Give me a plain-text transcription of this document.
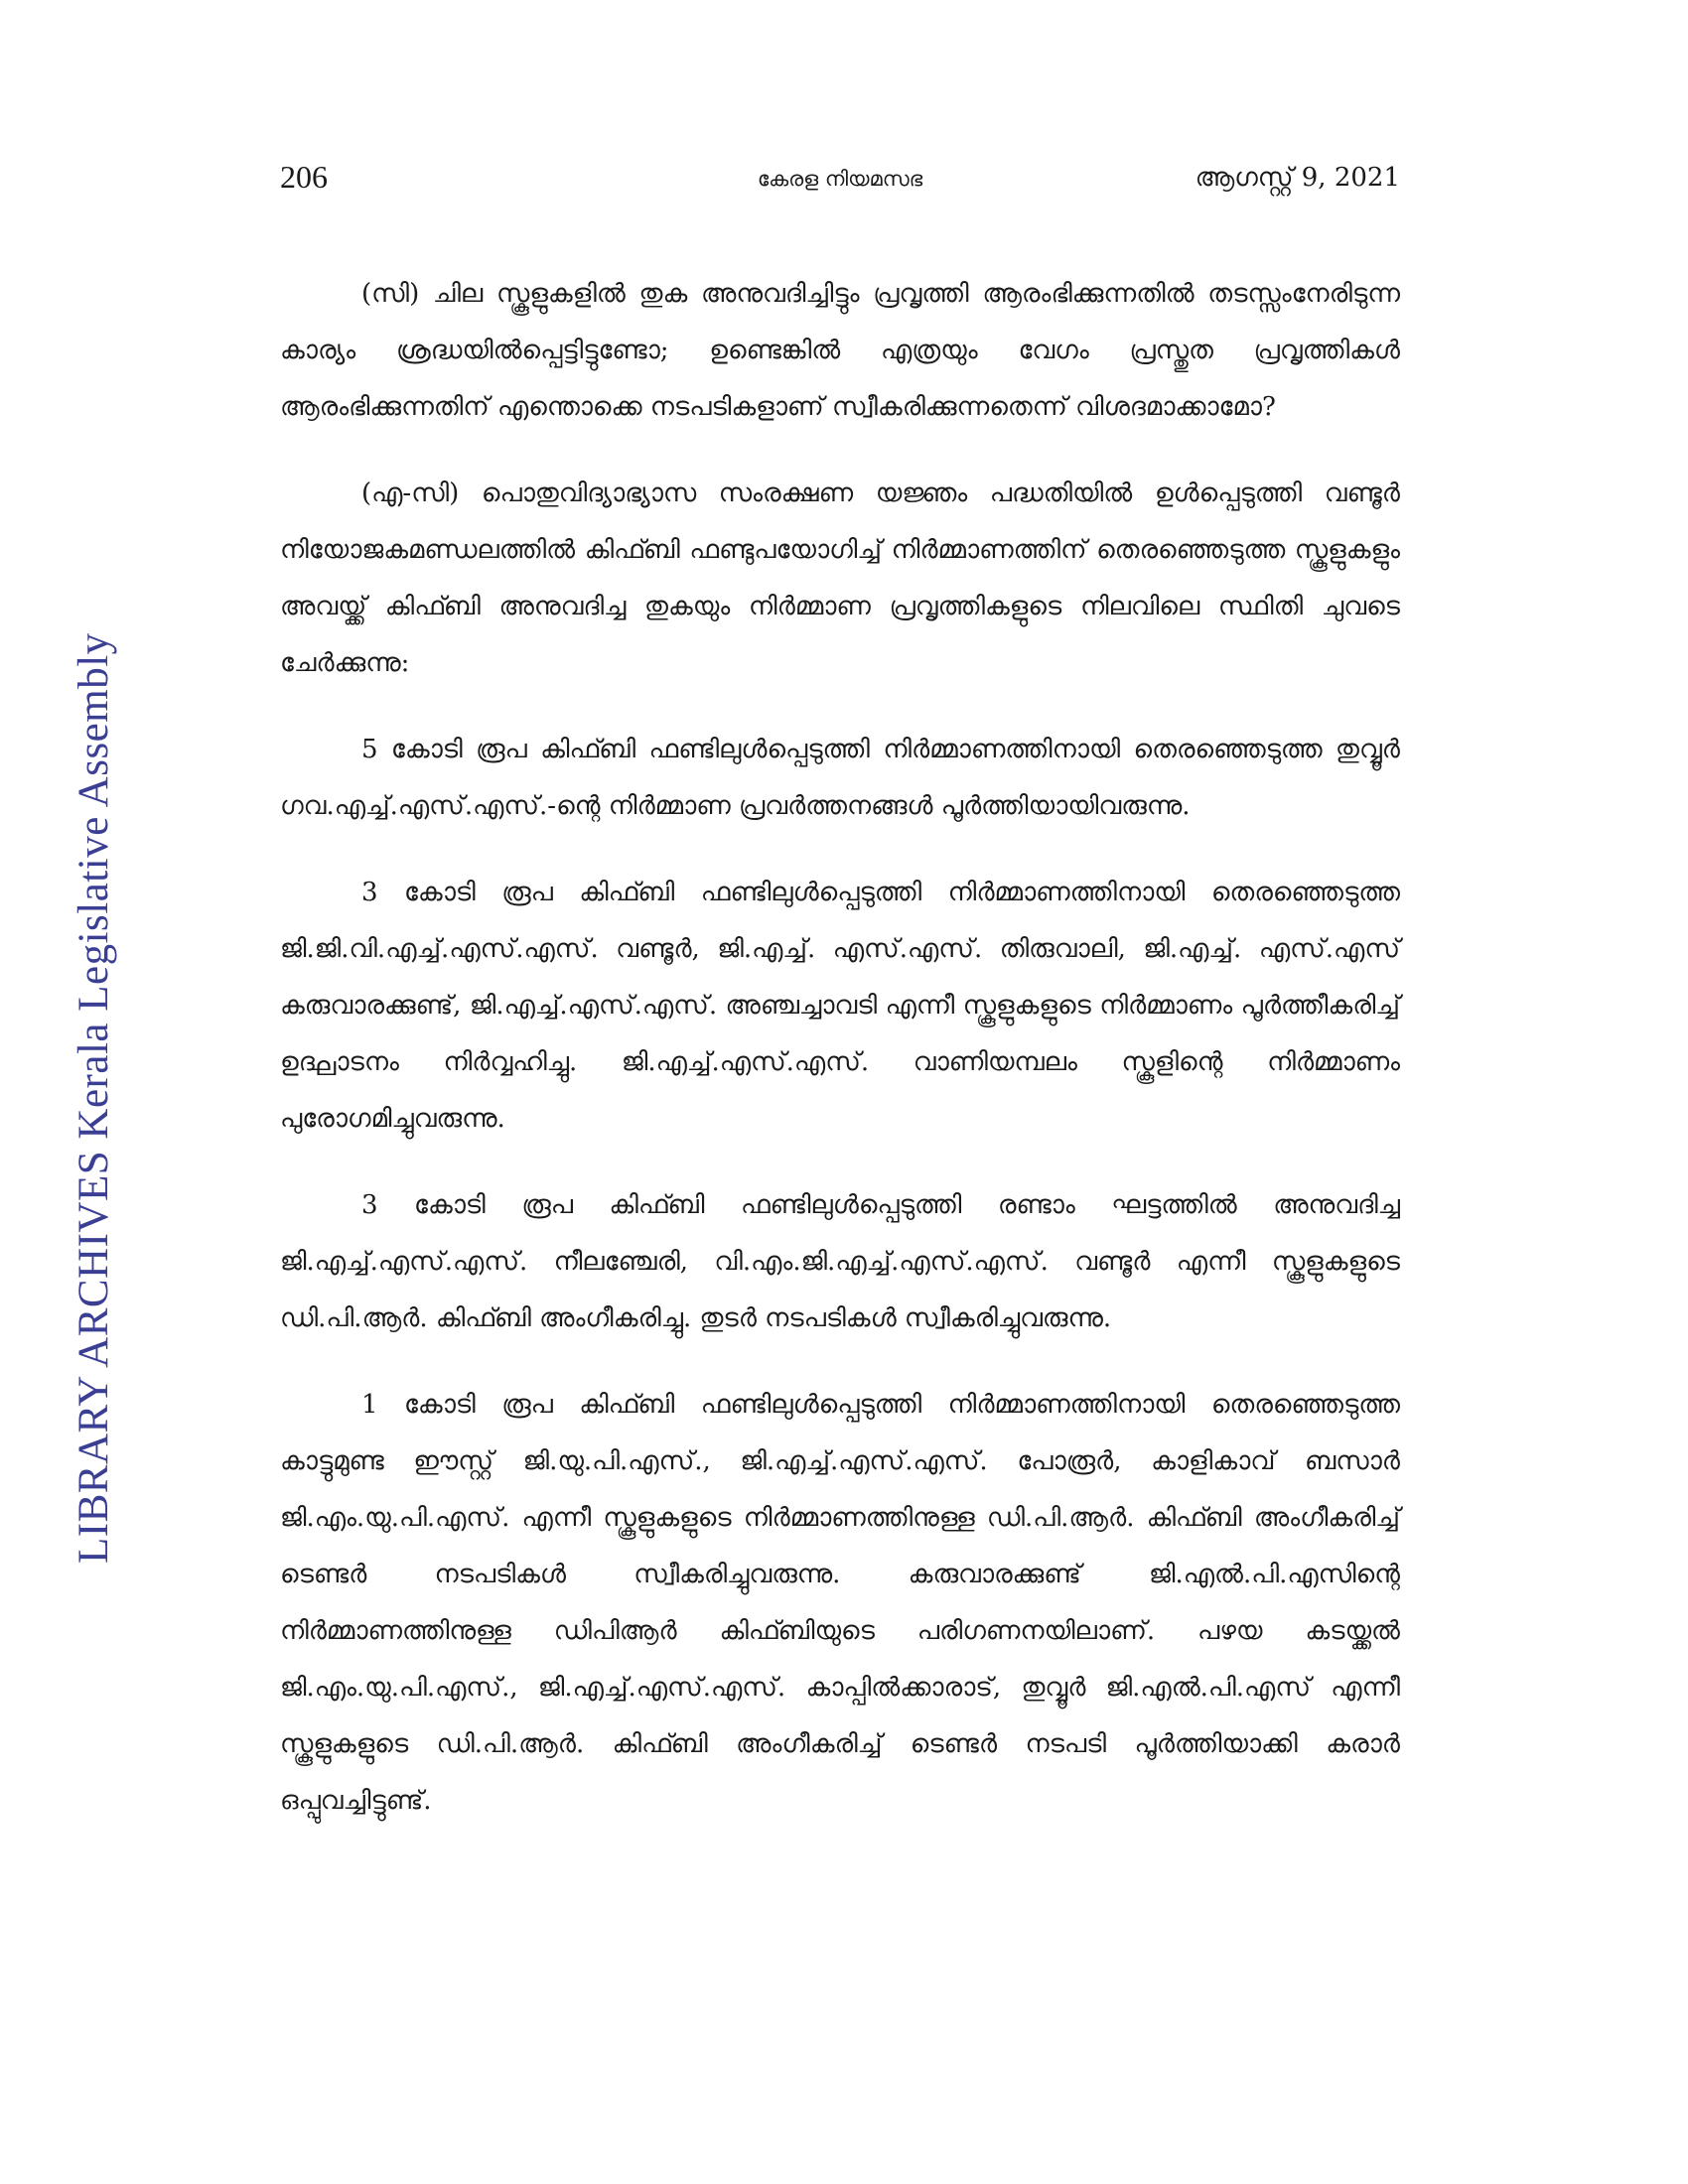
LIBRARY ARCHIVES Kerala Legislative Assembly
206	കേരള നിയമസഭ	ആഗസ്റ്റ് 9, 2021

(സി) ചില സ്കൂളുകളിൽ തുക അനുവദിച്ചിട്ടും പ്രവൃത്തി ആരംഭിക്കുന്നതിൽ തടസ്സംനേരിടുന്ന കാര്യം ശ്രദ്ധയിൽപ്പെട്ടിട്ടുണ്ടോ; ഉണ്ടെങ്കിൽ എത്രയും വേഗം പ്രസ്തുത പ്രവൃത്തികൾ ആരംഭിക്കുന്നതിന് എന്തൊക്കെ നടപടികളാണ് സ്വീകരിക്കുന്നതെന്ന് വിശദമാക്കാമോ?

(എ-സി) പൊതുവിദ്യാഭ്യാസ സംരക്ഷണ യജ്ഞം പദ്ധതിയിൽ ഉൾപ്പെടുത്തി വണ്ടൂർ നിയോജകമണ്ഡലത്തിൽ കിഫ്ബി ഫണ്ടുപയോഗിച്ച് നിർമ്മാണത്തിന് തെരഞ്ഞെടുത്ത സ്കൂളുകളും അവയ്ക്ക് കിഫ്ബി അനുവദിച്ച തുകയും നിർമ്മാണ പ്രവൃത്തികളുടെ നിലവിലെ സ്ഥിതി ചുവടെ ചേർക്കുന്നു:

5 കോടി രൂപ കിഫ്ബി ഫണ്ടിലുൾപ്പെടുത്തി നിർമ്മാണത്തിനായി തെരഞ്ഞെടുത്ത തുവ്വൂർ ഗവ.എച്ച്.എസ്.എസ്.-ന്റെ നിർമ്മാണ പ്രവർത്തനങ്ങൾ പൂർത്തിയായിവരുന്നു.

3 കോടി രൂപ കിഫ്ബി ഫണ്ടിലുൾപ്പെടുത്തി നിർമ്മാണത്തിനായി തെരഞ്ഞെടുത്ത ജി.ജി.വി.എച്ച്.എസ്.എസ്. വണ്ടൂർ, ജി.എച്ച്. എസ്.എസ്. തിരുവാലി, ജി.എച്ച്. എസ്.എസ് കരുവാരക്കുണ്ട്, ജി.എച്ച്.എസ്.എസ്. അഞ്ചച്ചാവടി എന്നീ സ്കൂളുകളുടെ നിർമ്മാണം പൂർത്തീകരിച്ച് ഉദ്ഘാടനം നിർവ്വഹിച്ചു. ജി.എച്ച്.എസ്.എസ്. വാണിയമ്പലം സ്കൂളിന്റെ നിർമ്മാണം പുരോഗമിച്ചുവരുന്നു.

3 കോടി രൂപ കിഫ്ബി ഫണ്ടിലുൾപ്പെടുത്തി രണ്ടാം ഘട്ടത്തിൽ അനുവദിച്ച ജി.എച്ച്.എസ്.എസ്. നീലഞ്ചേരി, വി.എം.ജി.എച്ച്.എസ്.എസ്. വണ്ടൂർ എന്നീ സ്കൂളുകളുടെ ഡി.പി.ആർ. കിഫ്ബി അംഗീകരിച്ചു. തുടർ നടപടികൾ സ്വീകരിച്ചുവരുന്നു.

1 കോടി രൂപ കിഫ്ബി ഫണ്ടിലുൾപ്പെടുത്തി നിർമ്മാണത്തിനായി തെരഞ്ഞെടുത്ത കാട്ടുമുണ്ട ഈസ്റ്റ് ജി.യു.പി.എസ്., ജി.എച്ച്.എസ്.എസ്. പോരൂർ, കാളികാവ് ബസാർ ജി.എം.യു.പി.എസ്. എന്നീ സ്കൂളുകളുടെ നിർമ്മാണത്തിനുള്ള ഡി.പി.ആർ. കിഫ്ബി അംഗീകരിച്ച് ടെണ്ടർ നടപടികൾ സ്വീകരിച്ചുവരുന്നു. കരുവാരക്കുണ്ട് ജി.എൽ.പി.എസിന്റെ നിർമ്മാണത്തിനുള്ള ഡിപിആർ കിഫ്ബിയുടെ പരിഗണനയിലാണ്. പഴയ കടയ്ക്കൽ ജി.എം.യു.പി.എസ്., ജി.എച്ച്.എസ്.എസ്. കാപ്പിൽക്കാരാട്, തുവ്വൂർ ജി.എൽ.പി.എസ് എന്നീ സ്കൂളുകളുടെ ഡി.പി.ആർ. കിഫ്ബി അംഗീകരിച്ച് ടെണ്ടർ നടപടി പൂർത്തിയാക്കി കരാർ ഒപ്പുവച്ചിട്ടുണ്ട്.
